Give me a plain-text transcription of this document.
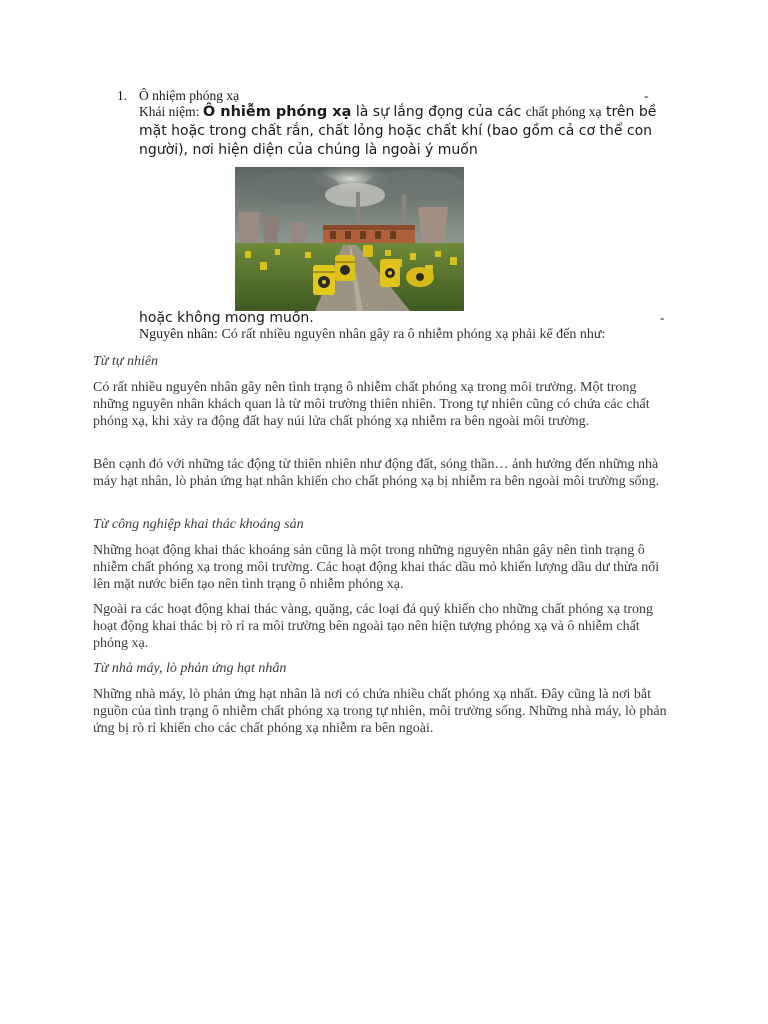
1. Ô nhiệm phóng xạ	-
Khái niệm: Ô nhiễm phóng xạ là sự lắng đọng của các chất phóng xạ trên bề mặt hoặc trong chất rắn, chất lỏng hoặc chất khí (bao gồm cả cơ thể con người), nơi hiện diện của chúng là ngoài ý muốn
hoặc không mong muốn.	-
Nguyên nhân: Có rất nhiều nguyên nhân gây ra ô nhiễm phóng xạ phải kể đến như:
Từ tự nhiên
Có rất nhiều nguyên nhân gây nên tình trạng ô nhiễm chất phóng xạ trong môi trường. Một trong những nguyên nhân khách quan là từ môi trường thiên nhiên. Trong tự nhiên cũng có chứa các chất phóng xạ, khi xảy ra động đất hay núi lửa chất phóng xạ nhiễm ra bên ngoài môi trường.
Bên cạnh đó với những tác động từ thiên nhiên như động đất, sóng thần… ảnh hưởng đến những nhà máy hạt nhân, lò phản ứng hạt nhân khiến cho chất phóng xạ bị nhiễm ra bên ngoài môi trường sống.
Từ công nghiệp khai thác khoáng sản
Những hoạt động khai thác khoáng sản cũng là một trong những nguyên nhân gây nên tình trạng ô nhiễm chất phóng xạ trong môi trường. Các hoạt động khai thác dầu mỏ khiến lượng dầu dư thừa nổi lên mặt nước biển tạo nên tình trạng ô nhiễm phóng xạ.
Ngoài ra các hoạt động khai thác vàng, quặng, các loại đá quý khiến cho những chất phóng xạ trong hoạt động khai thác bị rò rỉ ra môi trường bên ngoài tạo nên hiện tượng phóng xạ và ô nhiễm chất phóng xạ.
Từ nhà máy, lò phản ứng hạt nhân
Những nhà máy, lò phản ứng hạt nhân là nơi có chứa nhiều chất phóng xạ nhất. Đây cũng là nơi bắt nguồn của tình trạng ô nhiễm chất phóng xạ trong tự nhiên, môi trường sống. Những nhà máy, lò phản ứng bị rò rỉ khiến cho các chất phóng xạ nhiễm ra bên ngoài.
